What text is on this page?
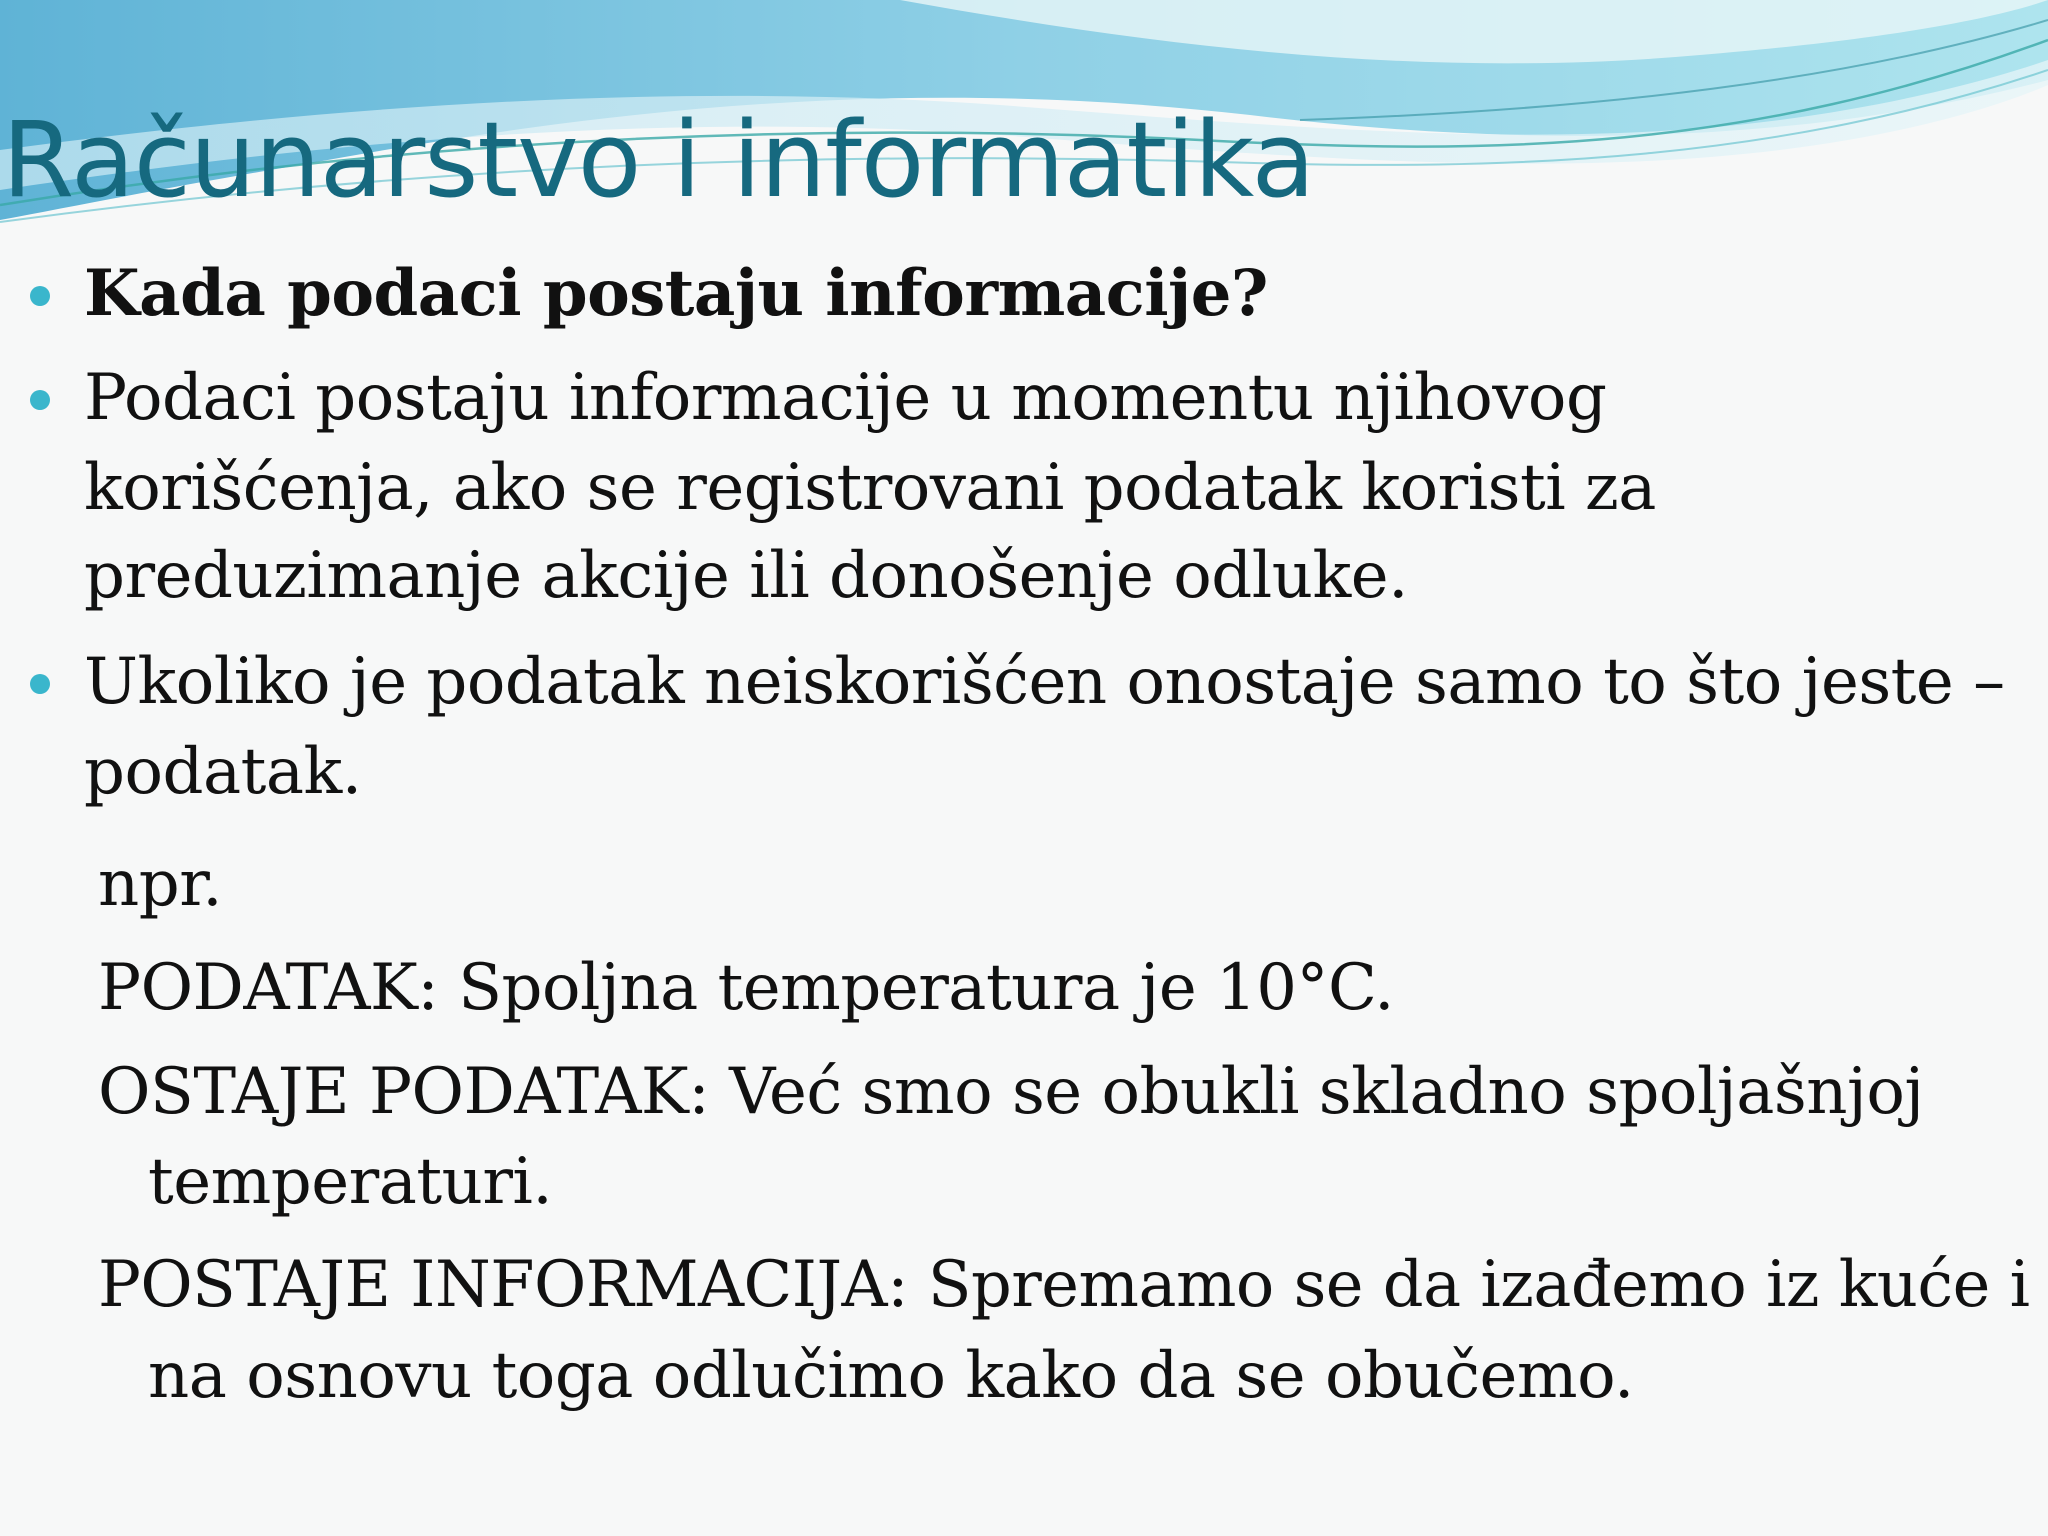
Računarstvo i informatika
Kada podaci postaju informacije?
Podaci postaju informacije u momentu njihovog
korišćenja, ako se registrovani podatak koristi za
preduzimanje akcije ili donošenje odluke.
Ukoliko je podatak neiskorišćen onostaje samo to što jeste –
podatak.
npr.
PODATAK: Spoljna temperatura je 10°C.
OSTAJE PODATAK: Već smo se obukli skladno spoljašnjoj
temperaturi.
POSTAJE INFORMACIJA: Spremamo se da izađemo iz kuće i
na osnovu toga odlučimo kako da se obučemo.
